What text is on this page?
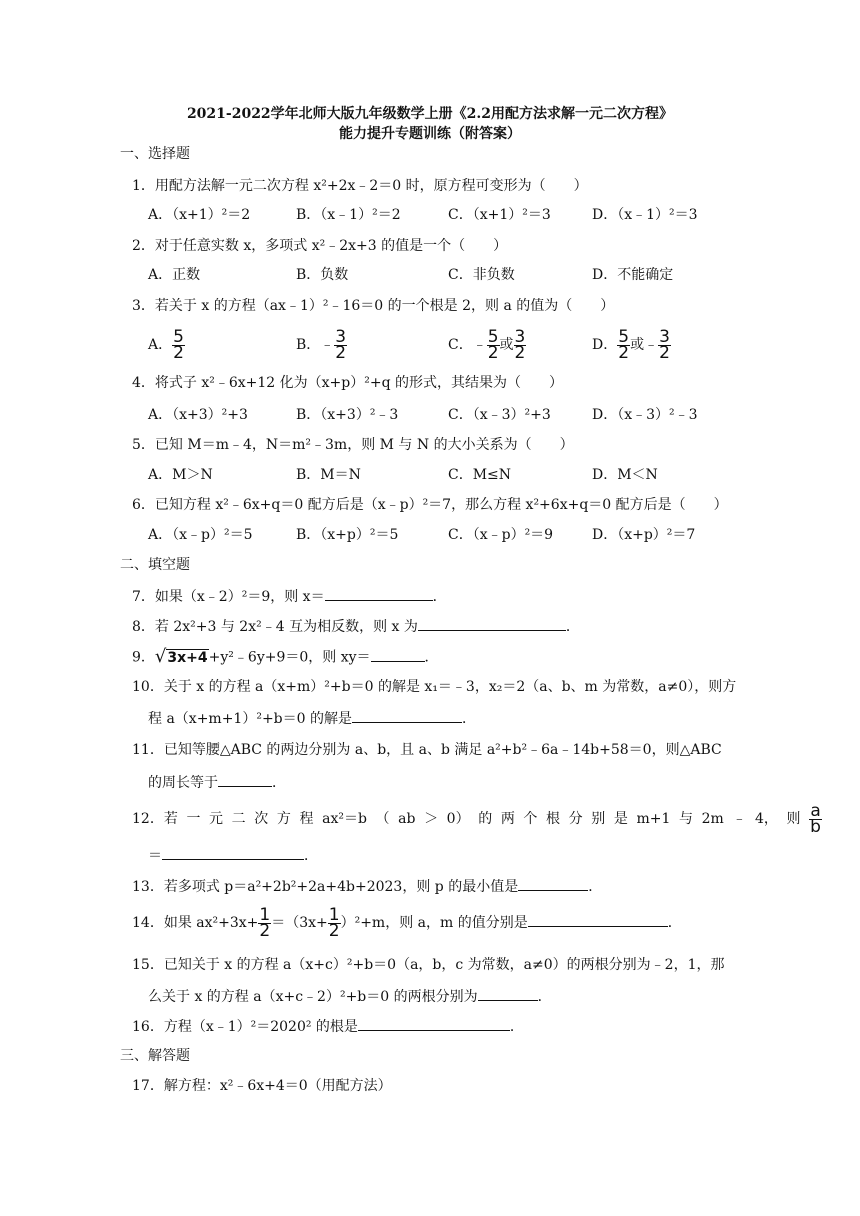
2021-2022学年北师大版九年级数学上册《2.2用配方法求解一元二次方程》
能力提升专题训练（附答案）
一、选择题
1．用配方法解一元二次方程 x²+2x﹣2＝0 时，原方程可变形为（　　）
A．（x+1）²＝2	B．（x﹣1）²＝2	C．（x+1）²＝3	D．（x﹣1）²＝3
2．对于任意实数 x，多项式 x²﹣2x+3 的值是一个（　　）
A．正数	B．负数	C．非负数	D．不能确定
3．若关于 x 的方程（ax﹣1）²﹣16＝0 的一个根是 2，则 a 的值为（　　）
A． $\frac{5}{2}$	B．﹣ $\frac{3}{2}$	C．﹣ $\frac{5}{2}$ 或 $\frac{3}{2}$	D． $\frac{5}{2}$ 或﹣ $\frac{3}{2}$
4．将式子 x²﹣6x+12 化为（x+p）²+q 的形式，其结果为（　　）
A．（x+3）²+3	B．（x+3）²﹣3	C．（x﹣3）²+3	D．（x﹣3）²﹣3
5．已知 M＝m﹣4，N＝m²﹣3m，则 M 与 N 的大小关系为（　　）
A．M＞N	B．M＝N	C．M≤N	D．M＜N
6．已知方程 x²﹣6x+q＝0 配方后是（x﹣p）²＝7，那么方程 x²+6x+q＝0 配方后是（　　）
A．（x﹣p）²＝5	B．（x+p）²＝5	C．（x﹣p）²＝9	D．（x+p）²＝7
二、填空题
7．如果（x﹣2）²＝9，则 x＝	．
8．若 2x²+3 与 2x²﹣4 互为相反数，则 x 为	．
9．√3x+4+y²﹣6y+9＝0，则 xy＝	．
10．关于 x 的方程 a（x+m）²+b＝0 的解是 x₁＝﹣3，x₂＝2（a、b、m 为常数，a≠0），则方
程 a（x+m+1）²+b＝0 的解是	．
11．已知等腰△ABC 的两边分别为 a、b，且 a、b 满足 a²+b²﹣6a﹣14b+58＝0，则△ABC
的周长等于	．
12．若 一 元 二 次 方 程 ax²＝b （ ab ＞ 0） 的 两 个 根 分 别 是 m+1 与 2m ﹣ 4， 则 $\frac{a}{b}$
＝	．
13．若多项式 p＝a²+2b²+2a+4b+2023，则 p 的最小值是	．
14．如果 $ax^2+3x+ \frac{1}{2} =(3x+ \frac{1}{2} )^2+m$，则 a，m 的值分别是	．
15．已知关于 x 的方程 a（x+c）²+b＝0（a，b，c 为常数，a≠0）的两根分别为﹣2，1，那
么关于 x 的方程 a（x+c﹣2）²+b＝0 的两根分别为	．
16．方程（x﹣1）²＝2020² 的根是	．
三、解答题
17．解方程：x²﹣6x+4＝0（用配方法）
